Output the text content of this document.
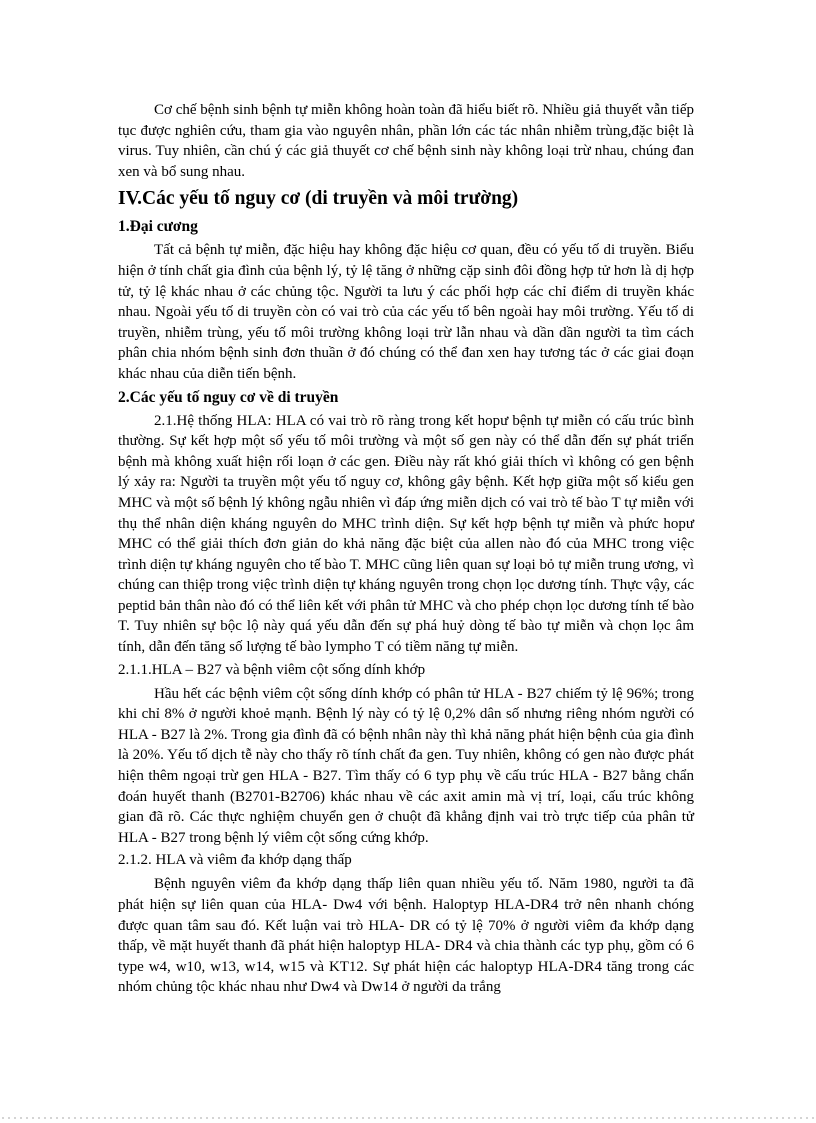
Cơ chế bệnh sinh bệnh tự miễn không hoàn toàn đã hiểu biết rõ. Nhiều giả thuyết vẫn tiếp tục được nghiên cứu, tham gia vào nguyên nhân, phần lớn các tác nhân nhiễm trùng,đặc biệt là virus. Tuy nhiên, cần chú ý các giả thuyết cơ chế bệnh sinh này không loại trừ nhau, chúng đan xen và bổ sung nhau.

IV.Các yếu tố nguy cơ (di truyền và môi trường)
1.Đại cương

Tất cả bệnh tự miễn, đặc hiệu hay không đặc hiệu cơ quan, đều có yếu tố di truyền. Biểu hiện ở tính chất gia đình của bệnh lý, tỷ lệ tăng ở những cặp sinh đôi đồng hợp tử hơn là dị hợp tử, tỷ lệ khác nhau ở các chủng tộc. Người ta lưu ý các phối hợp các chỉ điểm di truyền khác nhau. Ngoài yếu tố di truyền còn có vai trò của các yếu tố bên ngoài hay môi trường. Yếu tố di truyền, nhiễm trùng, yếu tố môi trường không loại trừ lẫn nhau và dần dần người ta tìm cách phân chia nhóm bệnh sinh đơn thuần ở đó chúng có thể đan xen hay tương tác ở các giai đoạn khác nhau của diễn tiến bệnh.

2.Các yếu tố nguy cơ về di truyền

2.1.Hệ thống HLA: HLA có vai trò rõ ràng trong kết hopư bệnh tự miễn có cấu trúc bình thường. Sự kết hợp một số yếu tố môi trường và một số gen này có thể dẫn đến sự phát triển bệnh mà không xuất hiện rối loạn ở các gen. Điều này rất khó giải thích vì không có gen bệnh lý xảy ra: Người ta truyền một yếu tố nguy cơ, không gây bệnh. Kết hợp giữa một số kiểu gen MHC và một số bệnh lý không ngẫu nhiên vì đáp ứng miễn dịch có vai trò tế bào T tự miễn với thụ thể nhân diện kháng nguyên do MHC trình diện. Sự kết hợp bệnh tự miễn và phức hopư MHC có thể giải thích đơn giản do khả năng đặc biệt của allen nào đó của MHC trong việc trình diện tự kháng nguyên cho tế bào T. MHC cũng liên quan sự loại bỏ tự miễn trung ương, vì chúng can thiệp trong việc trình diện tự kháng nguyên trong chọn lọc dương tính. Thực vậy, các peptid bản thân nào đó có thể liên kết với phân tử MHC và cho phép chọn lọc dương tính tế bào T. Tuy nhiên sự bộc lộ này quá yếu dẫn đến sự phá huỷ dòng tế bào tự miễn và chọn lọc âm tính, dẫn đến tăng số lượng tế bào lympho T có tiềm năng tự miễn.

2.1.1.HLA – B27 và bệnh viêm cột sống dính khớp

Hầu hết các bệnh viêm cột sống dính khớp có phân tử HLA - B27 chiếm tỷ lệ 96%; trong khi chỉ 8% ở người khoẻ mạnh. Bệnh lý này có tỷ lệ 0,2% dân số nhưng riêng nhóm người có HLA - B27 là 2%. Trong gia đình đã có bệnh nhân này thì khả năng phát hiện bệnh của gia đình là 20%. Yếu tố dịch tễ này cho thấy rõ tính chất đa gen. Tuy nhiên, không có gen nào được phát hiện thêm ngoại trừ gen HLA - B27. Tìm thấy có 6 typ phụ về cấu trúc HLA - B27 bằng chẩn đoán huyết thanh (B2701-B2706) khác nhau về các axit amin mà vị trí, loại, cấu trúc không gian đã rõ. Các thực nghiệm chuyển gen ở chuột đã khẳng định vai trò trực tiếp của phân tử HLA - B27 trong bệnh lý viêm cột sống cứng khớp.

2.1.2. HLA và viêm đa khớp dạng thấp

Bệnh nguyên viêm đa khớp dạng thấp liên quan nhiều yếu tố. Năm 1980, người ta đã phát hiện sự liên quan của HLA- Dw4 với bệnh. Haloptyp HLA-DR4 trở nên nhanh chóng được quan tâm sau đó. Kết luận vai trò HLA- DR có tỷ lệ 70% ở người viêm đa khớp dạng thấp, về mặt huyết thanh đã phát hiện haloptyp HLA- DR4 và chia thành các typ phụ, gồm có 6 type w4, w10, w13, w14, w15 và KT12. Sự phát hiện các haloptyp HLA-DR4 tăng trong các nhóm chủng tộc khác nhau như Dw4 và Dw14 ở người da trắng
